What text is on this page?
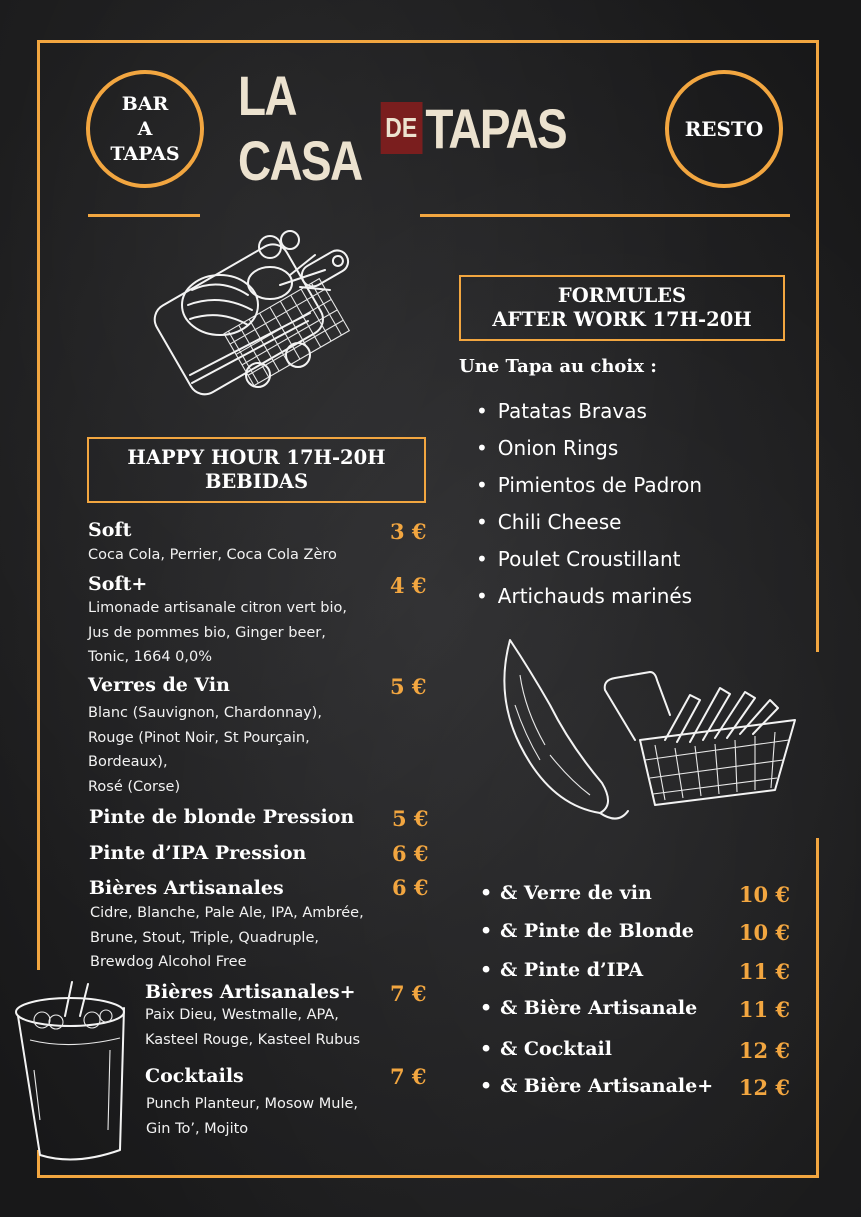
BAR
A
TAPAS
RESTO
LA CASA
DE TAPAS
HAPPY HOUR 17H-20H
BEBIDAS
Soft	3 €
Coca Cola, Perrier, Coca Cola Zèro
Soft+	4 €
Limonade artisanale citron vert bio,
Jus de pommes bio, Ginger beer,
Tonic, 1664 0,0%
Verres de Vin	5 €
Blanc (Sauvignon, Chardonnay),
Rouge (Pinot Noir, St Pourçain,
Bordeaux),
Rosé (Corse)
Pinte de blonde Pression 5 €
Pinte d’IPA Pression	6 €
Bières Artisanales	6 €
Cidre, Blanche, Pale Ale, IPA, Ambrée,
Brune, Stout, Triple, Quadruple,
Brewdog Alcohol Free
Bières Artisanales+ 7 €
Paix Dieu, Westmalle, APA,
Kasteel Rouge, Kasteel Rubus
Cocktails	7 €
Punch Planteur, Mosow Mule,
Gin To’, Mojito
FORMULES
AFTER WORK 17H-20H
Une Tapa au choix :
• Patatas Bravas
• Onion Rings
• Pimientos de Padron
• Chili Cheese
• Poulet Croustillant
• Artichauds marinés
• & Verre de vin	10 €
• & Pinte de Blonde 10 €
• & Pinte d’IPA	11 €
• & Bière Artisanale 11 €
• & Cocktail	12 €
• & Bière Artisanale+ 12 €
